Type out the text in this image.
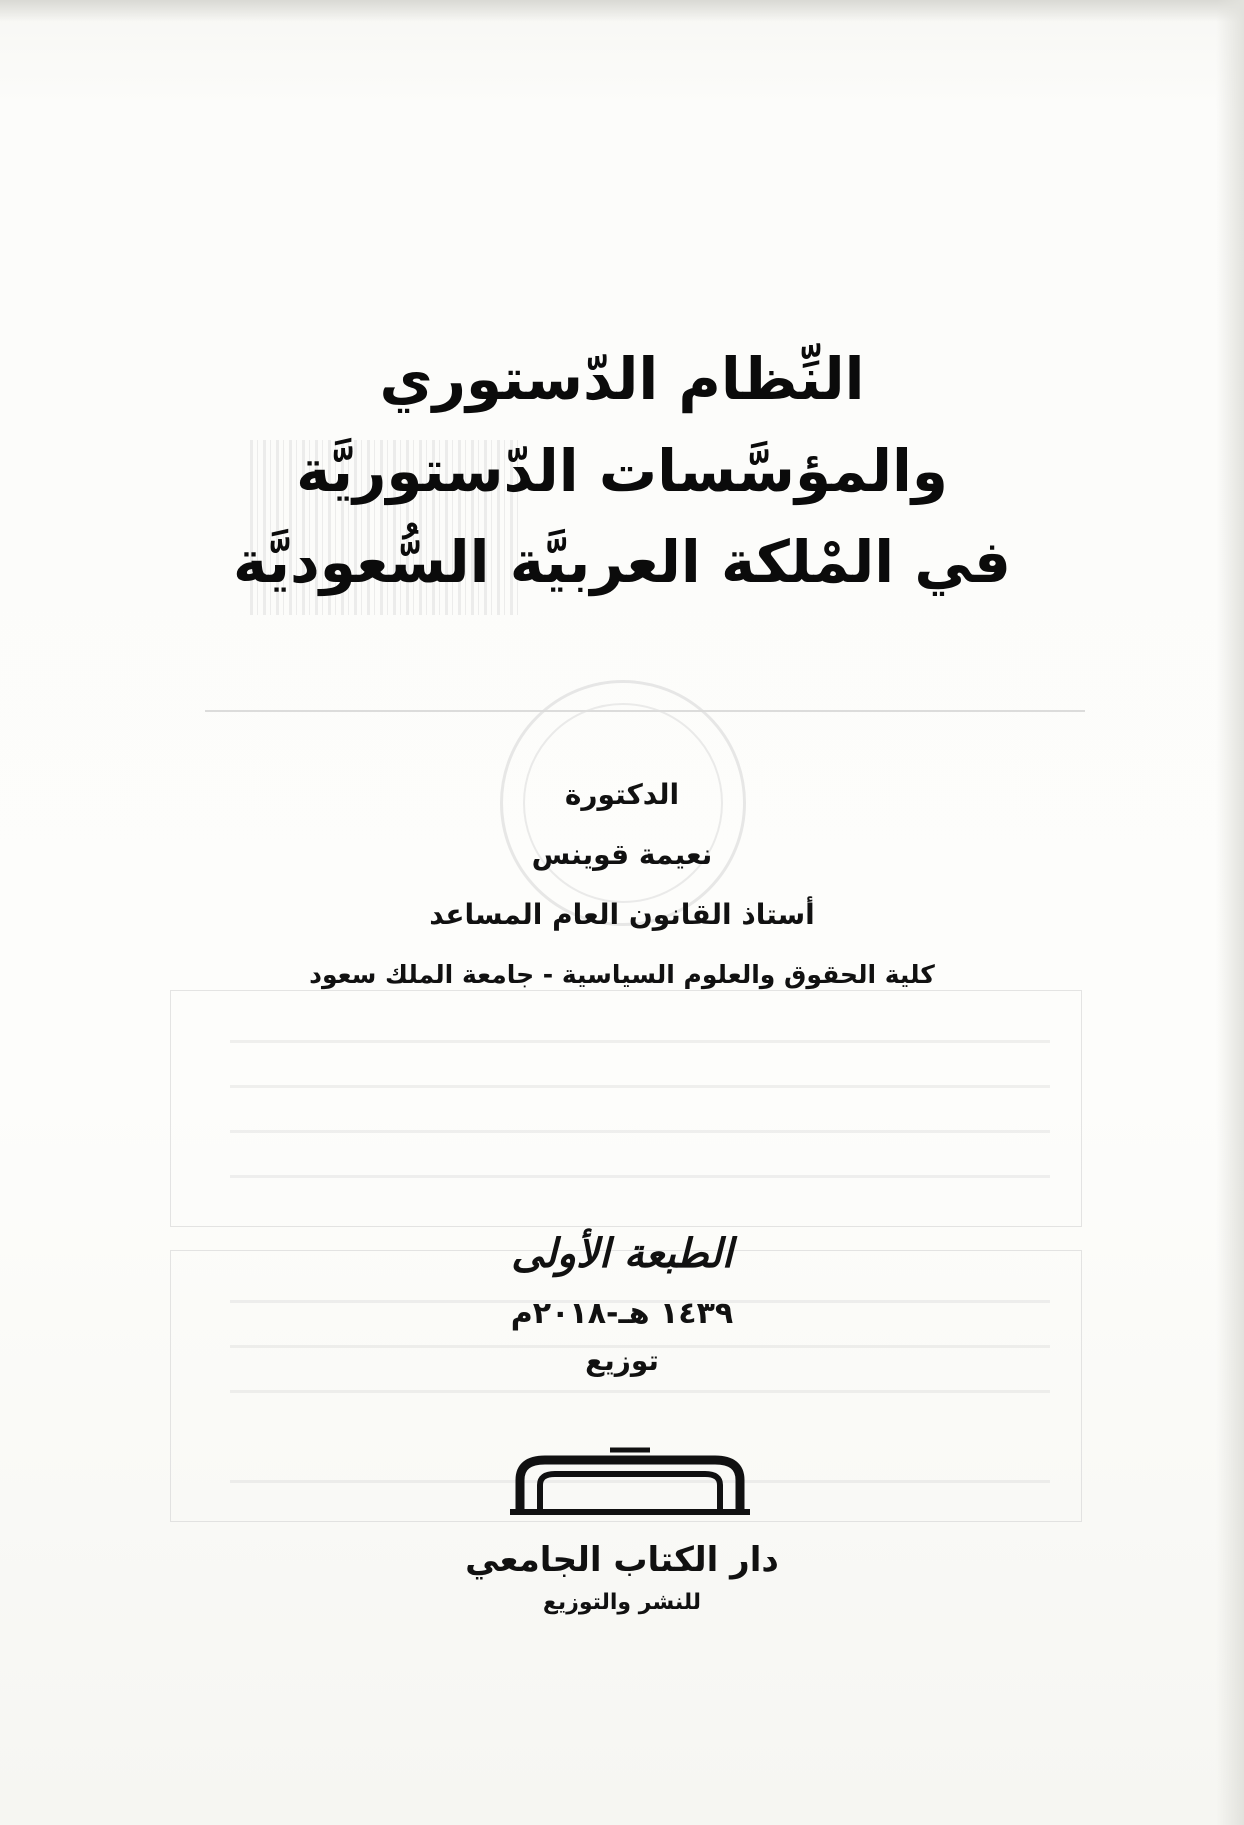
النِّظام الدّستوري

والمؤسَّسات الدّستوريَّة

في المْلكة العربيَّة السُّعوديَّة

الدكتورة

نعيمة قوينس

أستاذ القانون العام المساعد

كلية الحقوق والعلوم السياسية - جامعة الملك سعود

الطبعة الأولى

١٤٣٩ هـ-٢٠١٨م

توزيع

دار الكتاب الجامعي

للنشر والتوزيع
